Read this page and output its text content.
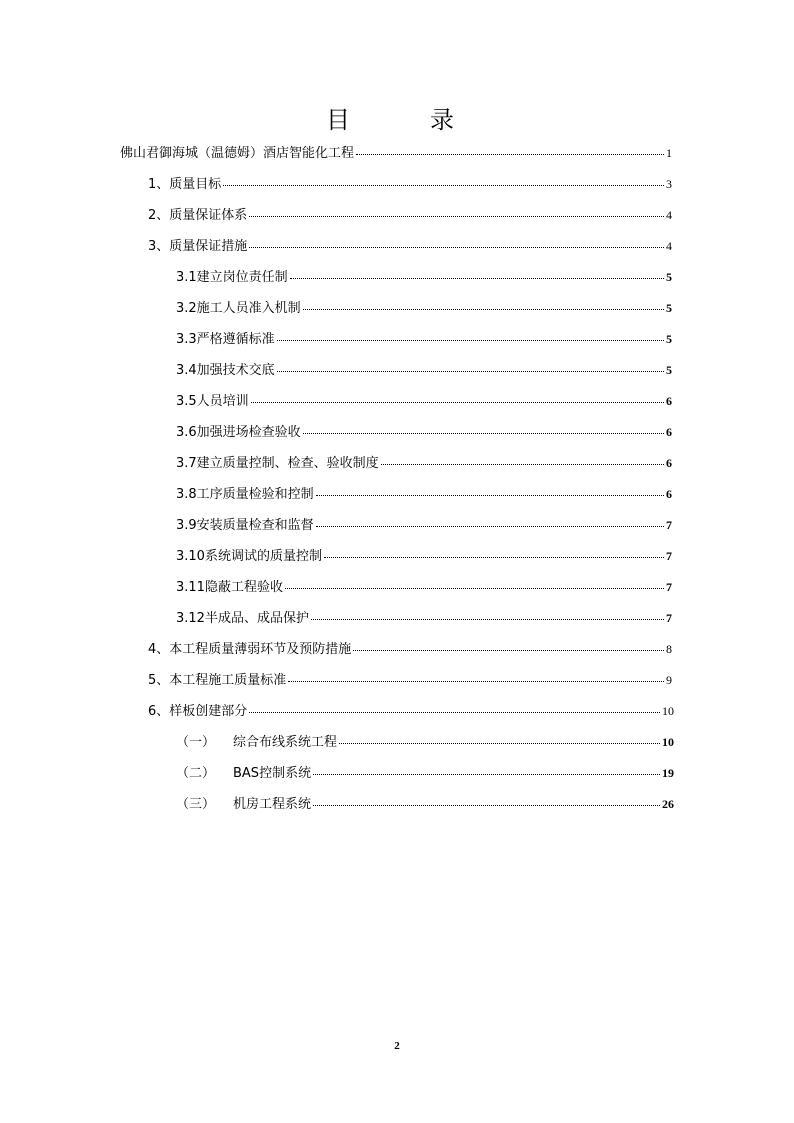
目　录
佛山君御海城（温德姆）酒店智能化工程	1
1、质量目标	3
2、质量保证体系	4
3、质量保证措施	4
3.1建立岗位责任制	5
3.2施工人员准入机制	5
3.3严格遵循标准	5
3.4加强技术交底	5
3.5人员培训	6
3.6加强进场检查验收	6
3.7建立质量控制、检查、验收制度	6
3.8工序质量检验和控制	6
3.9安装质量检查和监督	7
3.10系统调试的质量控制	7
3.11隐蔽工程验收	7
3.12半成品、成品保护	7
4、本工程质量薄弱环节及预防措施	8
5、本工程施工质量标准	9
6、样板创建部分	10
（一）	综合布线系统工程	10
（二）	BAS控制系统	19
（三）	机房工程系统	26
2
